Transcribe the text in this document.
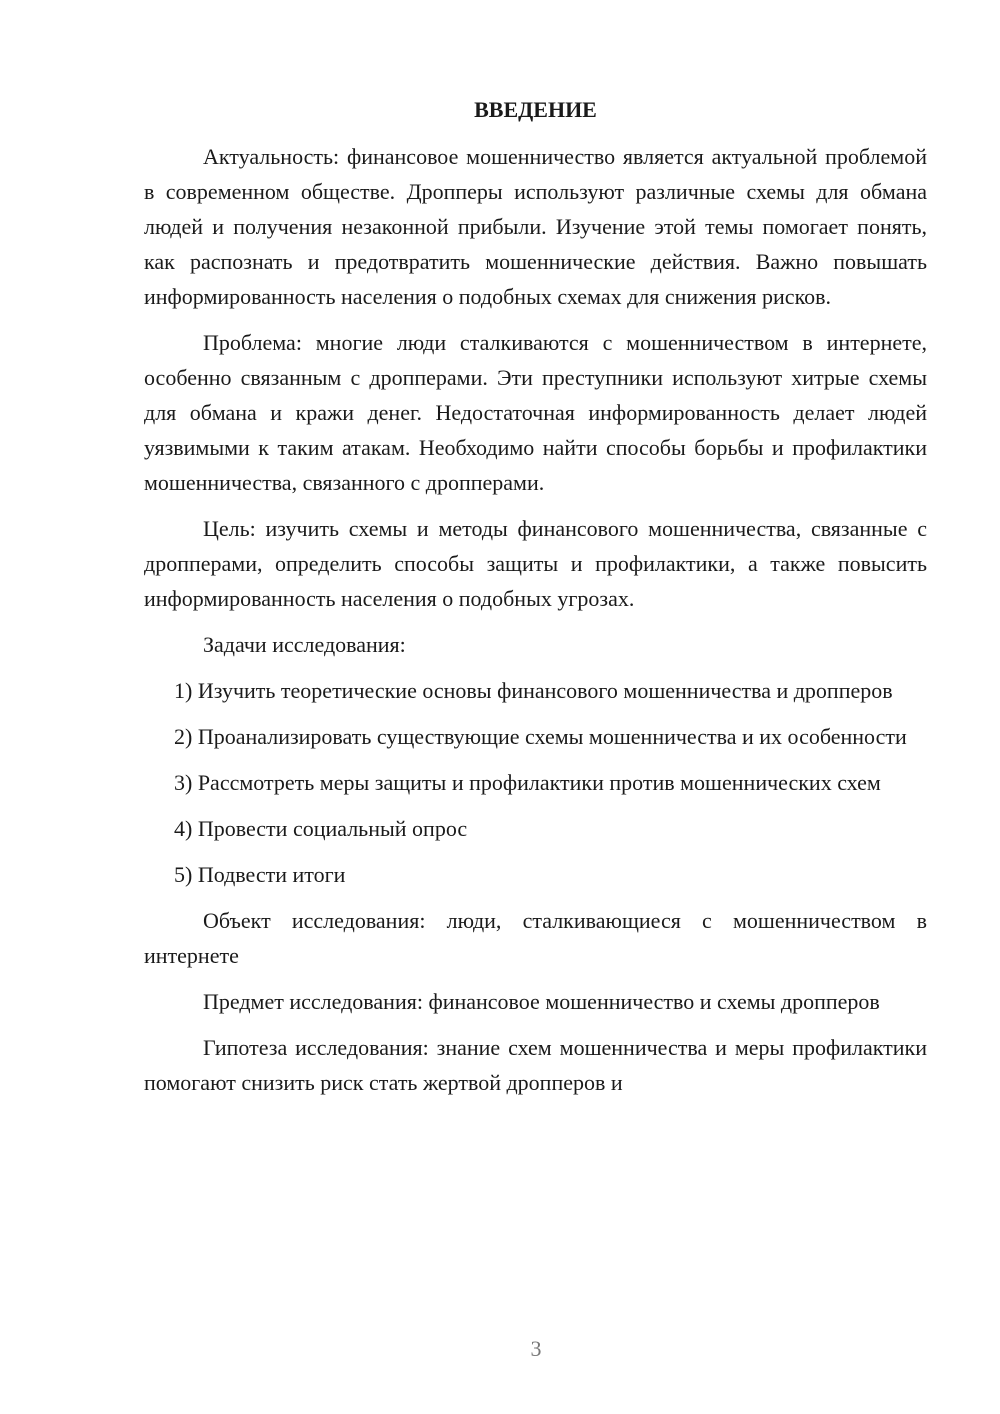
ВВЕДЕНИЕ

Актуальность: финансовое мошенничество является актуальной проблемой в современном обществе. Дропперы используют различные схемы для обмана людей и получения незаконной прибыли. Изучение этой темы помогает понять, как распознать и предотвратить мошеннические действия. Важно повышать информированность населения о подобных схемах для снижения рисков.

Проблема: многие люди сталкиваются с мошенничеством в интернете, особенно связанным с дропперами. Эти преступники используют хитрые схемы для обмана и кражи денег. Недостаточная информированность делает людей уязвимыми к таким атакам. Необходимо найти способы борьбы и профилактики мошенничества, связанного с дропперами.

Цель: изучить схемы и методы финансового мошенничества, связанные с дропперами, определить способы защиты и профилактики, а также повысить информированность населения о подобных угрозах.

Задачи исследования:

1) Изучить теоретические основы финансового мошенничества и дропперов

2) Проанализировать существующие схемы мошенничества и их особенности

3) Рассмотреть меры защиты и профилактики против мошеннических схем

4) Провести социальный опрос

5) Подвести итоги

Объект исследования: люди, сталкивающиеся с мошенничеством в интернете

Предмет исследования: финансовое мошенничество и схемы дропперов

Гипотеза исследования: знание схем мошенничества и меры профилактики помогают снизить риск стать жертвой дропперов и

3
